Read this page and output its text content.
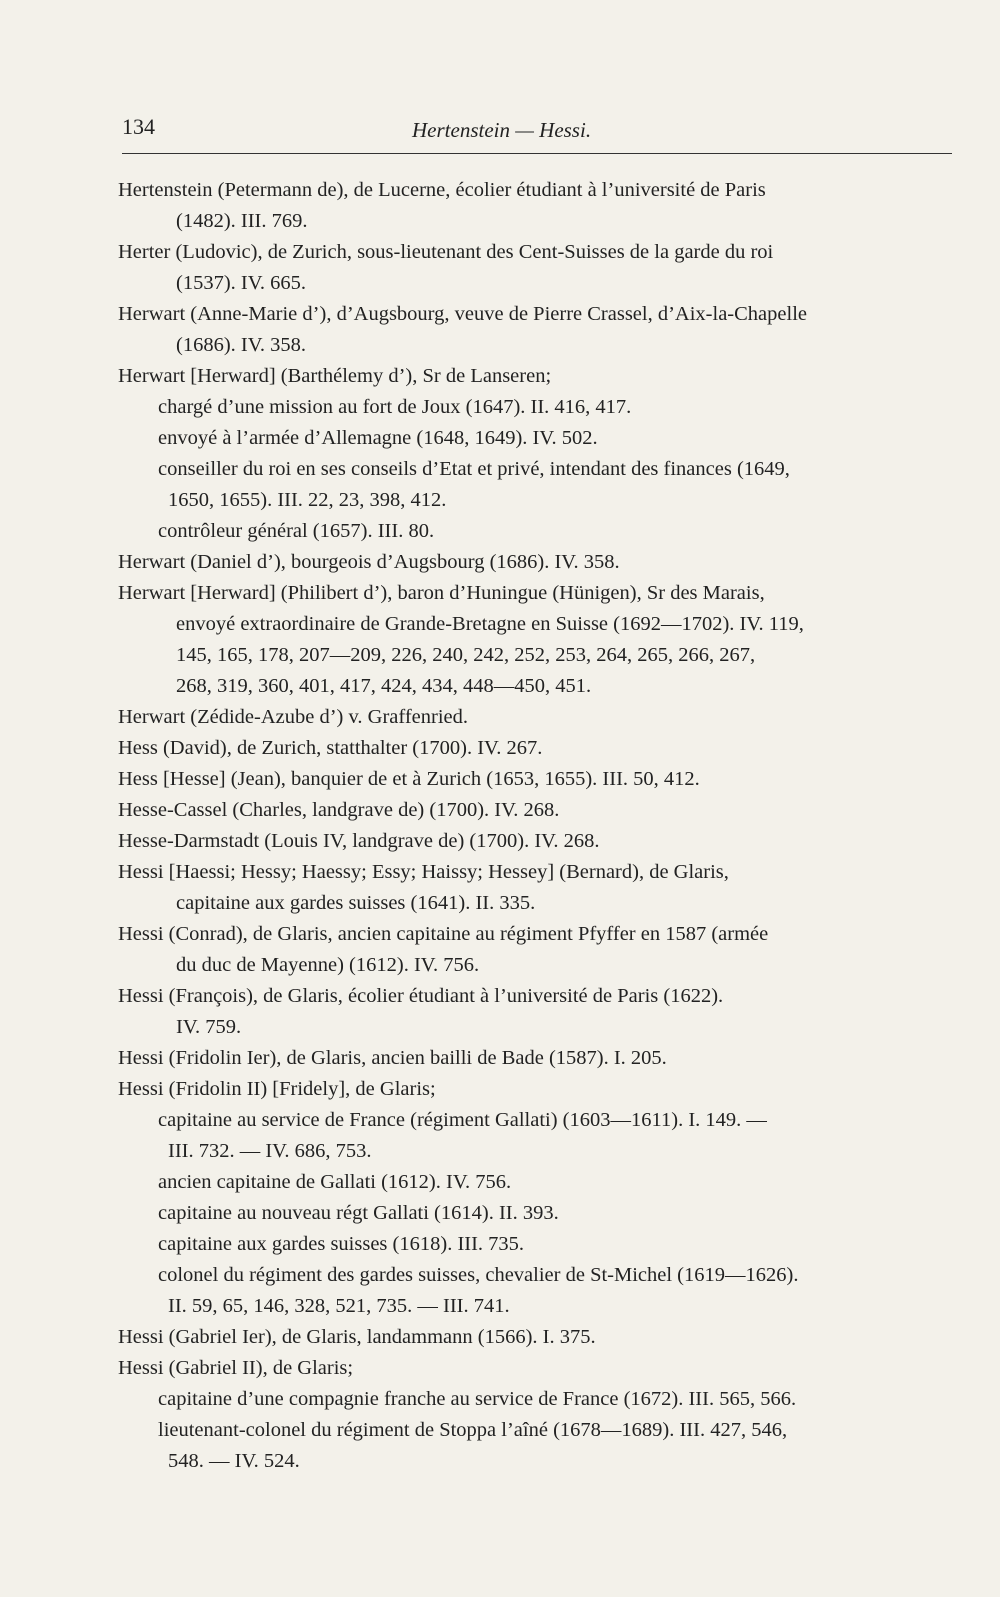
134	Hertenstein — Hessi.
Hertenstein (Petermann de), de Lucerne, écolier étudiant à l’université de Paris
(1482). III. 769.
Herter (Ludovic), de Zurich, sous-lieutenant des Cent-Suisses de la garde du roi
(1537). IV. 665.
Herwart (Anne-Marie d’), d’Augsbourg, veuve de Pierre Crassel, d’Aix-la-Chapelle
(1686). IV. 358.
Herwart [Herward] (Barthélemy d’), Sr de Lanseren;
chargé d’une mission au fort de Joux (1647). II. 416, 417.
envoyé à l’armée d’Allemagne (1648, 1649). IV. 502.
conseiller du roi en ses conseils d’Etat et privé, intendant des finances (1649,
1650, 1655). III. 22, 23, 398, 412.
contrôleur général (1657). III. 80.
Herwart (Daniel d’), bourgeois d’Augsbourg (1686). IV. 358.
Herwart [Herward] (Philibert d’), baron d’Huningue (Hünigen), Sr des Marais,
envoyé extraordinaire de Grande-Bretagne en Suisse (1692—1702). IV. 119,
145, 165, 178, 207—209, 226, 240, 242, 252, 253, 264, 265, 266, 267,
268, 319, 360, 401, 417, 424, 434, 448—450, 451.
Herwart (Zédide-Azube d’) v. Graffenried.
Hess (David), de Zurich, statthalter (1700). IV. 267.
Hess [Hesse] (Jean), banquier de et à Zurich (1653, 1655). III. 50, 412.
Hesse-Cassel (Charles, landgrave de) (1700). IV. 268.
Hesse-Darmstadt (Louis IV, landgrave de) (1700). IV. 268.
Hessi [Haessi; Hessy; Haessy; Essy; Haissy; Hessey] (Bernard), de Glaris,
capitaine aux gardes suisses (1641). II. 335.
Hessi (Conrad), de Glaris, ancien capitaine au régiment Pfyffer en 1587 (armée
du duc de Mayenne) (1612). IV. 756.
Hessi (François), de Glaris, écolier étudiant à l’université de Paris (1622).
IV. 759.
Hessi (Fridolin Ier), de Glaris, ancien bailli de Bade (1587). I. 205.
Hessi (Fridolin II) [Fridely], de Glaris;
capitaine au service de France (régiment Gallati) (1603—1611). I. 149. —
III. 732. — IV. 686, 753.
ancien capitaine de Gallati (1612). IV. 756.
capitaine au nouveau régt Gallati (1614). II. 393.
capitaine aux gardes suisses (1618). III. 735.
colonel du régiment des gardes suisses, chevalier de St-Michel (1619—1626).
II. 59, 65, 146, 328, 521, 735. — III. 741.
Hessi (Gabriel Ier), de Glaris, landammann (1566). I. 375.
Hessi (Gabriel II), de Glaris;
capitaine d’une compagnie franche au service de France (1672). III. 565, 566.
lieutenant-colonel du régiment de Stoppa l’aîné (1678—1689). III. 427, 546,
548. — IV. 524.
